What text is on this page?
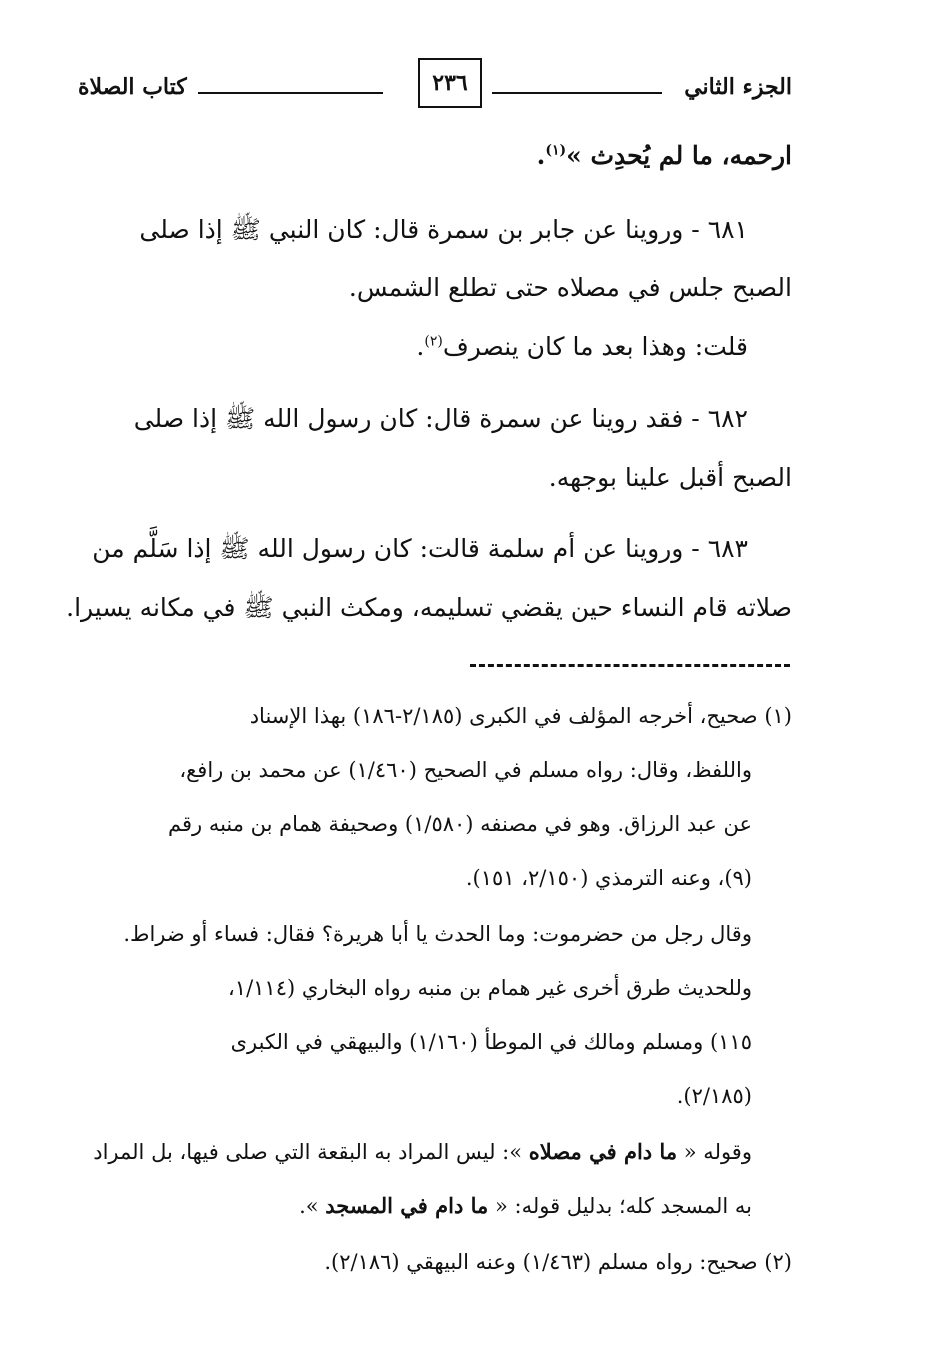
الجزء الثاني
٢٣٦
كتاب الصلاة
ارحمه، ما لم يُحدِث »$^{(١)}$.
٦٨١ - وروينا عن جابر بن سمرة قال: كان النبي ﷺ إذا صلى
الصبح جلس في مصلاه حتى تطلع الشمس.
قلت: وهذا بعد ما كان ينصرف$^{(٢)}$.
٦٨٢ - فقد روينا عن سمرة قال: كان رسول الله ﷺ إذا صلى
الصبح أقبل علينا بوجهه.
٦٨٣ - وروينا عن أم سلمة قالت: كان رسول الله ﷺ إذا سَلَّم من
صلاته قام النساء حين يقضي تسليمه، ومكث النبي ﷺ في مكانه يسيرا.
(١) صحيح، أخرجه المؤلف في الكبرى (٢/١٨٥-١٨٦) بهذا الإسناد
واللفظ، وقال: رواه مسلم في الصحيح (١/٤٦٠) عن محمد بن رافع،
عن عبد الرزاق. وهو في مصنفه (١/٥٨٠) وصحيفة همام بن منبه رقم
(٩)، وعنه الترمذي (٢/١٥٠، ١٥١).
وقال رجل من حضرموت: وما الحدث يا أبا هريرة؟ فقال: فساء أو ضراط.
وللحديث طرق أخرى غير همام بن منبه رواه البخاري (١/١١٤،
١١٥) ومسلم ومالك في الموطأ (١/١٦٠) والبيهقي في الكبرى
(٢/١٨٥).
وقوله « ما دام في مصلاه »: ليس المراد به البقعة التي صلى فيها، بل المراد
به المسجد كله؛ بدليل قوله: « ما دام في المسجد ».
(٢) صحيح: رواه مسلم (١/٤٦٣) وعنه البيهقي (٢/١٨٦).
